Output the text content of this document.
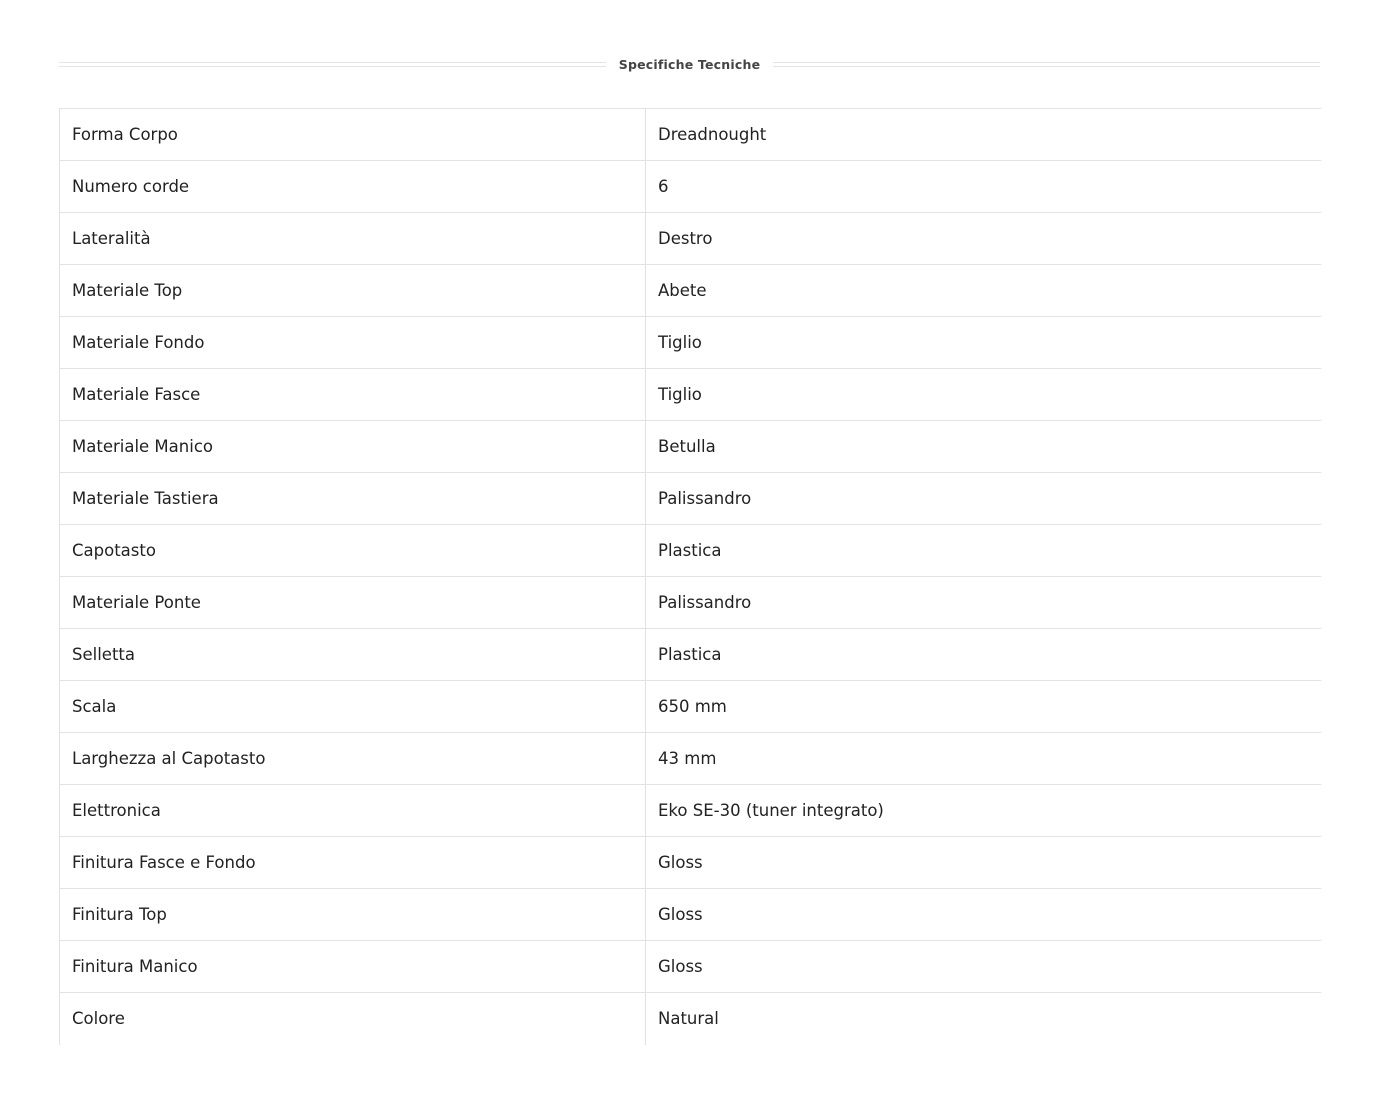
Specifiche Tecniche
Forma Corpo	Dreadnought
Numero corde	6
Lateralità	Destro
Materiale Top	Abete
Materiale Fondo	Tiglio
Materiale Fasce	Tiglio
Materiale Manico	Betulla
Materiale Tastiera	Palissandro
Capotasto	Plastica
Materiale Ponte	Palissandro
Selletta	Plastica
Scala	650 mm
Larghezza al Capotasto	43 mm
Elettronica	Eko SE-30 (tuner integrato)
Finitura Fasce e Fondo	Gloss
Finitura Top	Gloss
Finitura Manico	Gloss
Colore	Natural
